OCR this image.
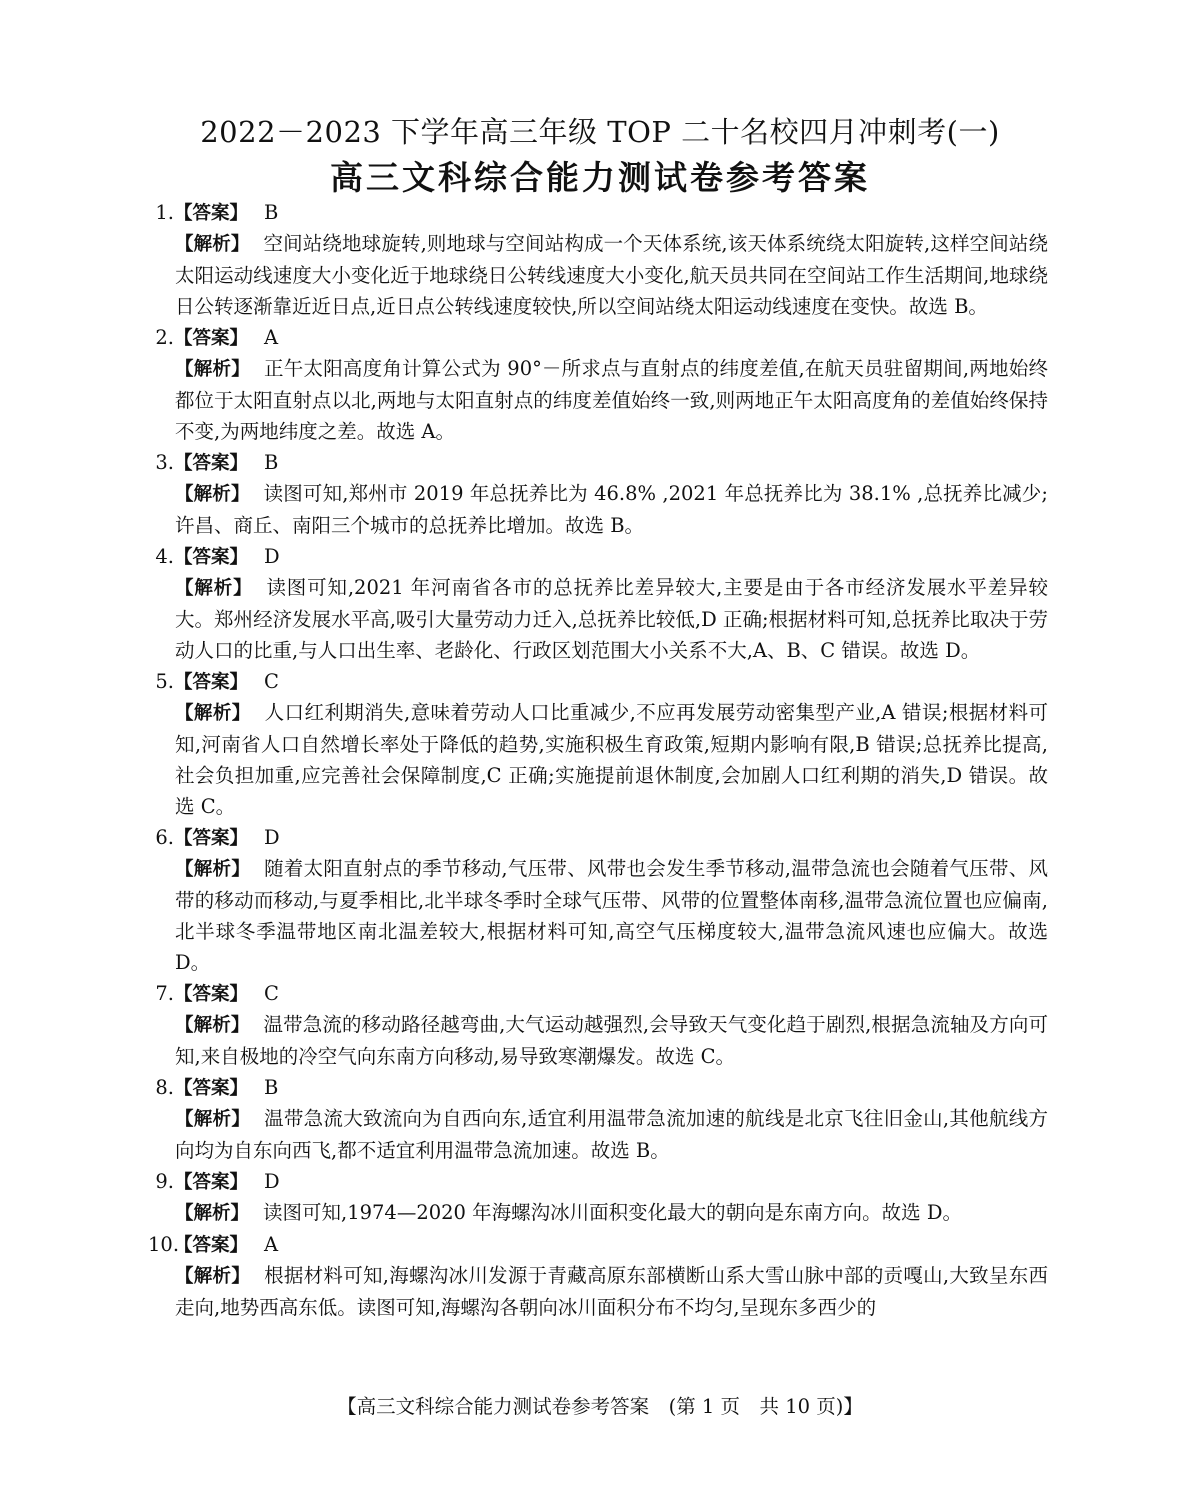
2022－2023 下学年高三年级 TOP 二十名校四月冲刺考(一)
高三文科综合能力测试卷参考答案
1.【答案】 B
【解析】 空间站绕地球旋转,则地球与空间站构成一个天体系统,该天体系统绕太阳旋转,这样空间站绕太阳运动线速度大小变化近于地球绕日公转线速度大小变化,航天员共同在空间站工作生活期间,地球绕日公转逐渐靠近近日点,近日点公转线速度较快,所以空间站绕太阳运动线速度在变快。故选 B。
2.【答案】 A
【解析】 正午太阳高度角计算公式为 90°－所求点与直射点的纬度差值,在航天员驻留期间,两地始终都位于太阳直射点以北,两地与太阳直射点的纬度差值始终一致,则两地正午太阳高度角的差值始终保持不变,为两地纬度之差。故选 A。
3.【答案】 B
【解析】 读图可知,郑州市 2019 年总抚养比为 46.8% ,2021 年总抚养比为 38.1% ,总抚养比减少;许昌、商丘、南阳三个城市的总抚养比增加。故选 B。
4.【答案】 D
【解析】 读图可知,2021 年河南省各市的总抚养比差异较大,主要是由于各市经济发展水平差异较大。郑州经济发展水平高,吸引大量劳动力迁入,总抚养比较低,D 正确;根据材料可知,总抚养比取决于劳动人口的比重,与人口出生率、老龄化、行政区划范围大小关系不大,A、B、C 错误。故选 D。
5.【答案】 C
【解析】 人口红利期消失,意味着劳动人口比重减少,不应再发展劳动密集型产业,A 错误;根据材料可知,河南省人口自然增长率处于降低的趋势,实施积极生育政策,短期内影响有限,B 错误;总抚养比提高,社会负担加重,应完善社会保障制度,C 正确;实施提前退休制度,会加剧人口红利期的消失,D 错误。故选 C。
6.【答案】 D
【解析】 随着太阳直射点的季节移动,气压带、风带也会发生季节移动,温带急流也会随着气压带、风带的移动而移动,与夏季相比,北半球冬季时全球气压带、风带的位置整体南移,温带急流位置也应偏南,北半球冬季温带地区南北温差较大,根据材料可知,高空气压梯度较大,温带急流风速也应偏大。故选 D。
7.【答案】 C
【解析】 温带急流的移动路径越弯曲,大气运动越强烈,会导致天气变化趋于剧烈,根据急流轴及方向可知,来自极地的冷空气向东南方向移动,易导致寒潮爆发。故选 C。
8.【答案】 B
【解析】 温带急流大致流向为自西向东,适宜利用温带急流加速的航线是北京飞往旧金山,其他航线方向均为自东向西飞,都不适宜利用温带急流加速。故选 B。
9.【答案】 D
【解析】 读图可知,1974—2020 年海螺沟冰川面积变化最大的朝向是东南方向。故选 D。
10.【答案】 A
【解析】 根据材料可知,海螺沟冰川发源于青藏高原东部横断山系大雪山脉中部的贡嘎山,大致呈东西走向,地势西高东低。读图可知,海螺沟各朝向冰川面积分布不均匀,呈现东多西少的
【高三文科综合能力测试卷参考答案　(第 1 页　共 10 页)】
